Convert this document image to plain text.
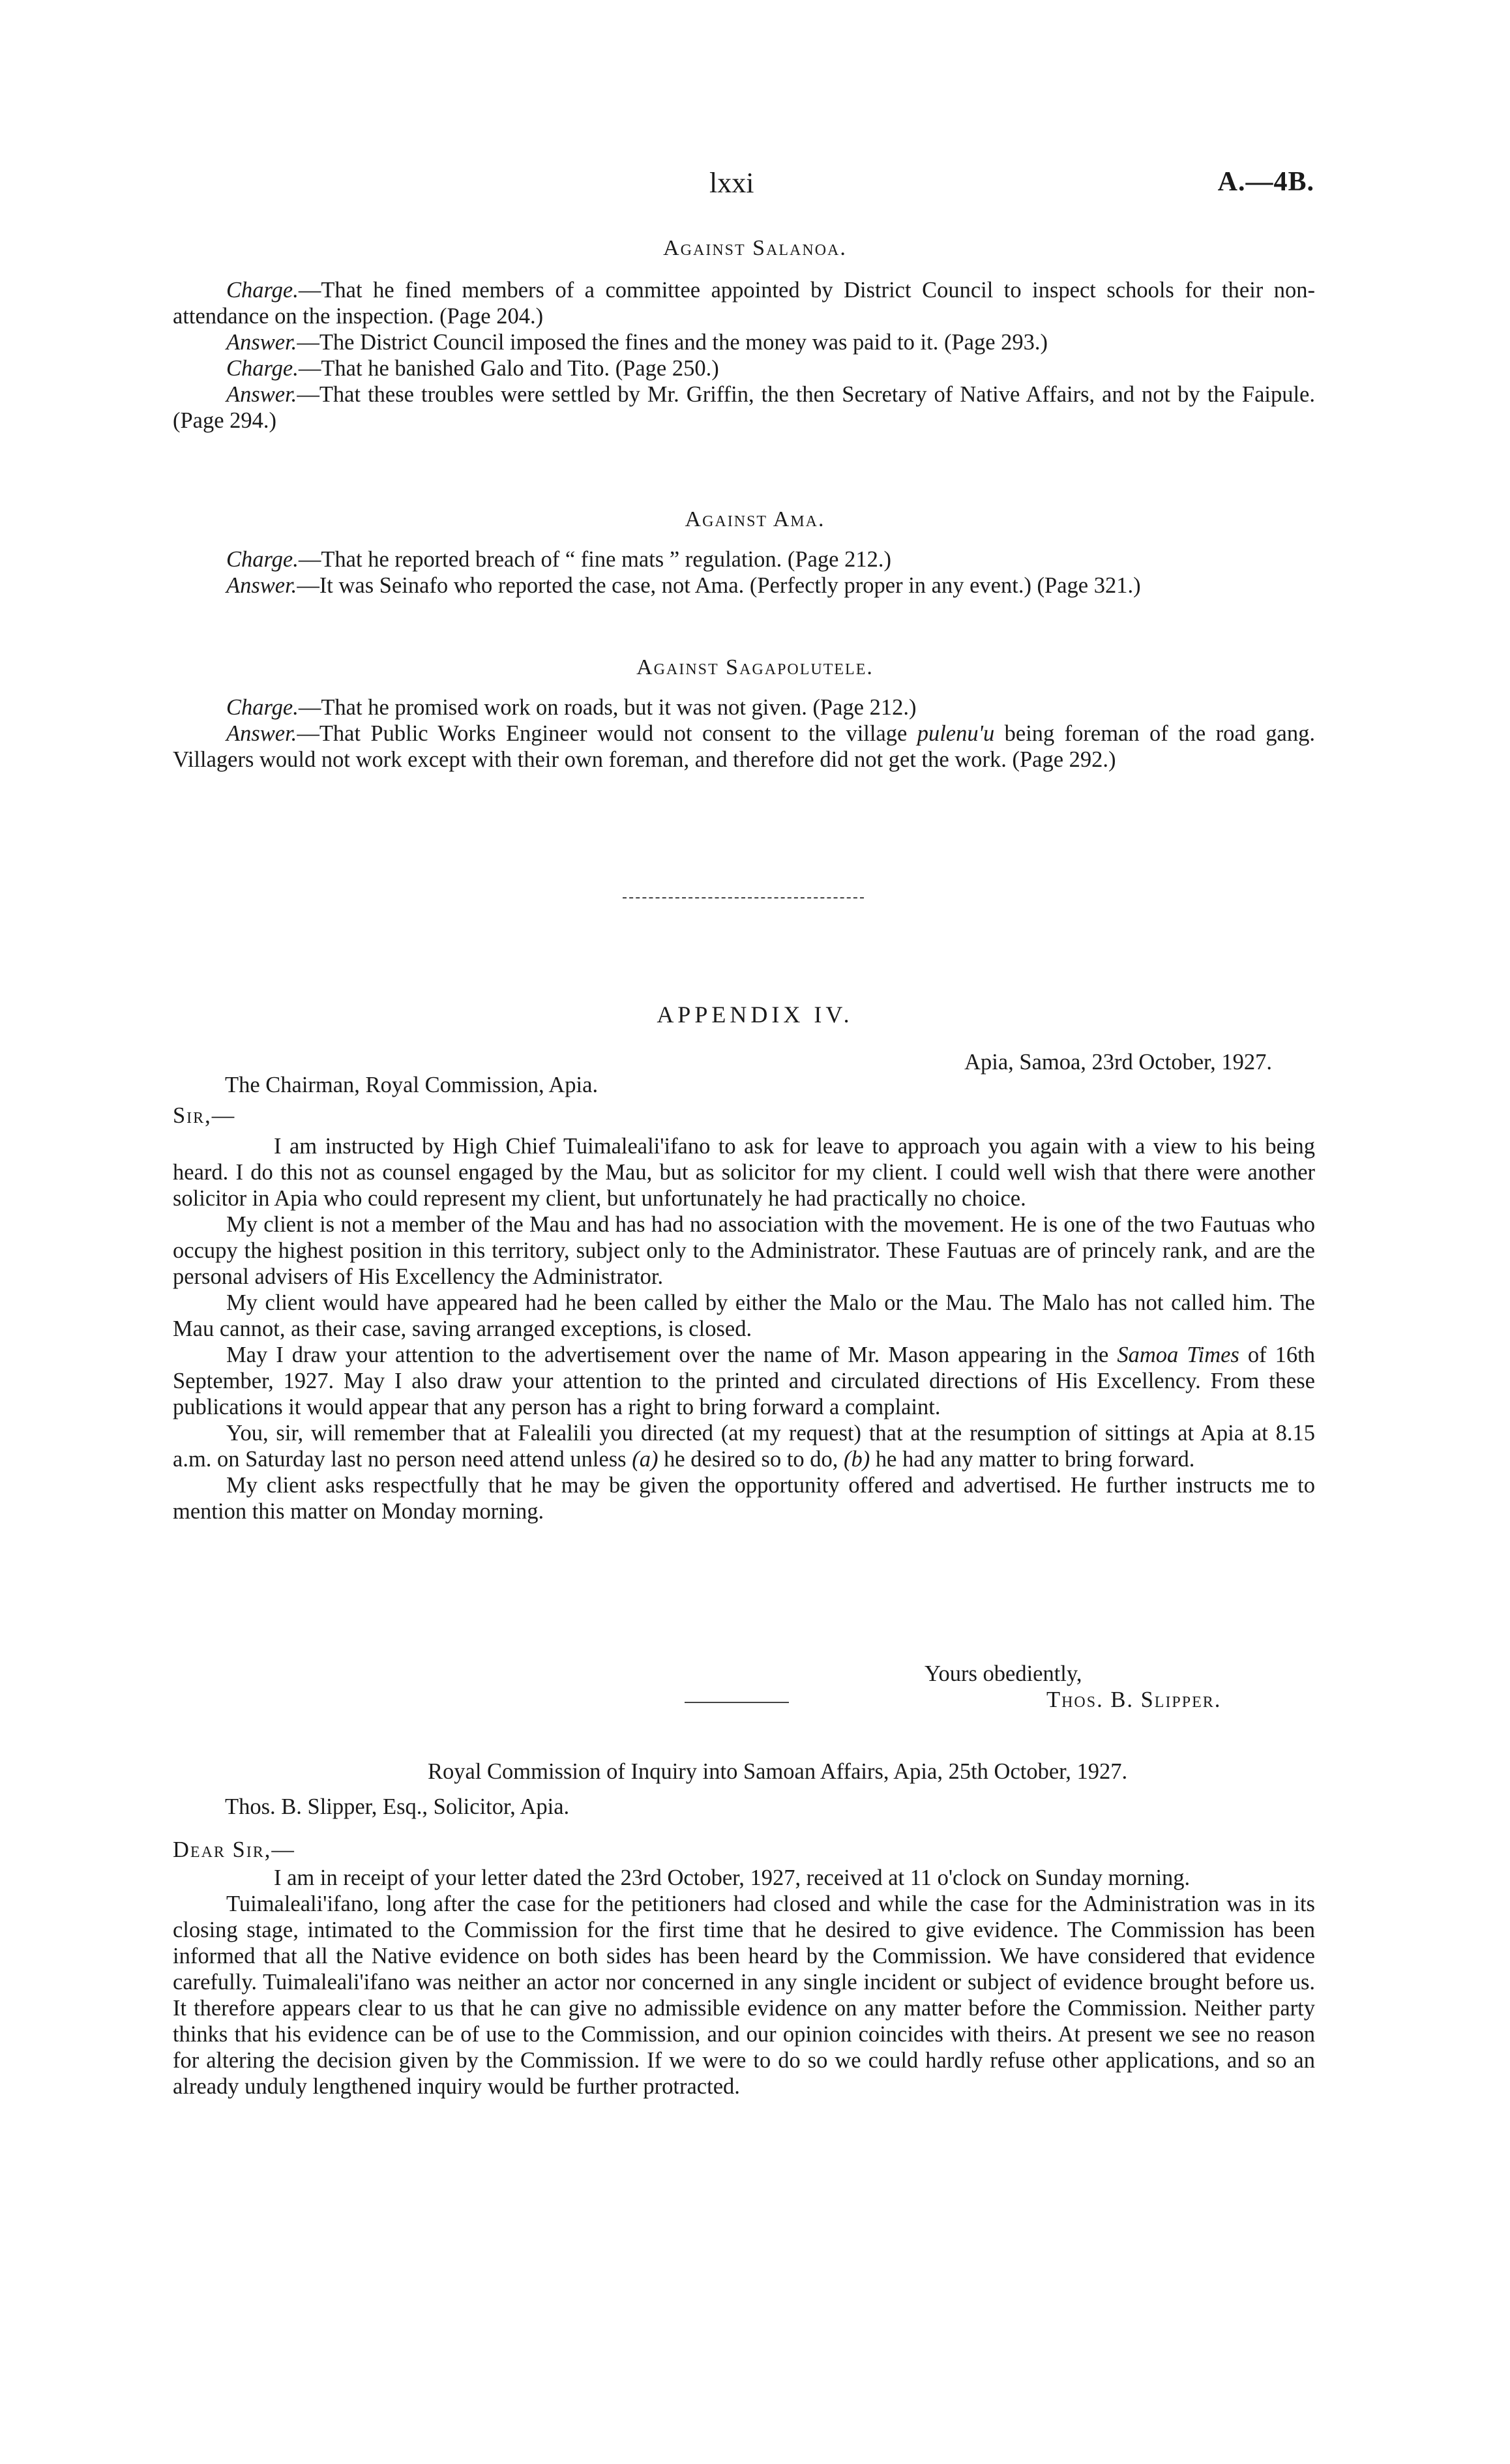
lxxi	A.—4B.
Against Salanoa.
Charge.—That he fined members of a committee appointed by District Council to inspect schools for their non-attendance on the inspection. (Page 204.)
Answer.—The District Council imposed the fines and the money was paid to it. (Page 293.)
Charge.—That he banished Galo and Tito. (Page 250.)
Answer.—That these troubles were settled by Mr. Griffin, the then Secretary of Native Affairs, and not by the Faipule. (Page 294.)
Against Ama.
Charge.—That he reported breach of “ fine mats ” regulation. (Page 212.)
Answer.—It was Seinafo who reported the case, not Ama. (Perfectly proper in any event.) (Page 321.)
Against Sagapolutele.
Charge.—That he promised work on roads, but it was not given. (Page 212.)
Answer.—That Public Works Engineer would not consent to the village pulenu'u being foreman of the road gang. Villagers would not work except with their own foreman, and therefore did not get the work. (Page 292.)
APPENDIX IV.
Apia, Samoa, 23rd October, 1927.
The Chairman, Royal Commission, Apia.
Sir,—
I am instructed by High Chief Tuimaleali'ifano to ask for leave to approach you again with a view to his being heard. I do this not as counsel engaged by the Mau, but as solicitor for my client. I could well wish that there were another solicitor in Apia who could represent my client, but unfortunately he had practically no choice.
My client is not a member of the Mau and has had no association with the movement. He is one of the two Fautuas who occupy the highest position in this territory, subject only to the Administrator. These Fautuas are of princely rank, and are the personal advisers of His Excellency the Administrator.
My client would have appeared had he been called by either the Malo or the Mau. The Malo has not called him. The Mau cannot, as their case, saving arranged exceptions, is closed.
May I draw your attention to the advertisement over the name of Mr. Mason appearing in the Samoa Times of 16th September, 1927. May I also draw your attention to the printed and circulated directions of His Excellency. From these publications it would appear that any person has a right to bring forward a complaint.
You, sir, will remember that at Falealili you directed (at my request) that at the resumption of sittings at Apia at 8.15 a.m. on Saturday last no person need attend unless (a) he desired so to do, (b) he had any matter to bring forward.
My client asks respectfully that he may be given the opportunity offered and advertised. He further instructs me to mention this matter on Monday morning.
Yours obediently,
Thos. B. Slipper.
Royal Commission of Inquiry into Samoan Affairs, Apia, 25th October, 1927.
Thos. B. Slipper, Esq., Solicitor, Apia.
Dear Sir,—
I am in receipt of your letter dated the 23rd October, 1927, received at 11 o'clock on Sunday morning.
Tuimaleali'ifano, long after the case for the petitioners had closed and while the case for the Administration was in its closing stage, intimated to the Commission for the first time that he desired to give evidence. The Commission has been informed that all the Native evidence on both sides has been heard by the Commission. We have considered that evidence carefully. Tuimaleali'ifano was neither an actor nor concerned in any single incident or subject of evidence brought before us. It therefore appears clear to us that he can give no admissible evidence on any matter before the Commission. Neither party thinks that his evidence can be of use to the Commission, and our opinion coincides with theirs. At present we see no reason for altering the decision given by the Commission. If we were to do so we could hardly refuse other applications, and so an already unduly lengthened inquiry would be further protracted.
